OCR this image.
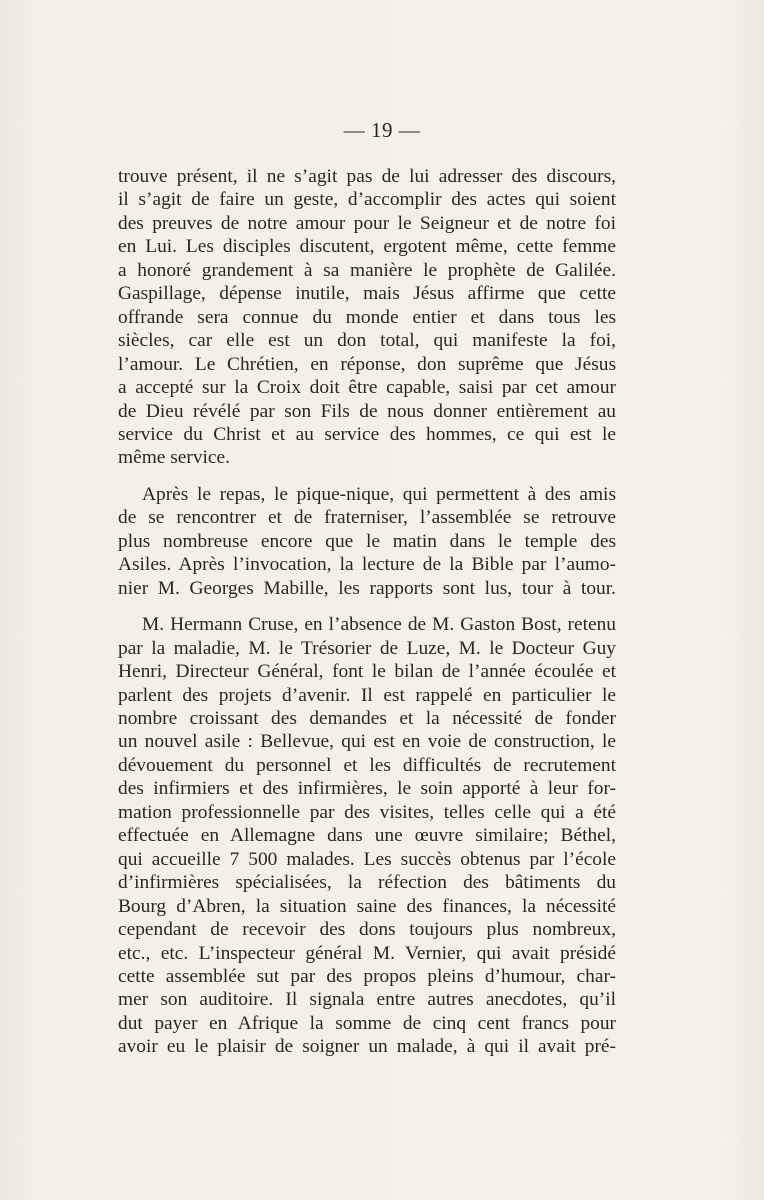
— 19 —
trouve présent, il ne s’agit pas de lui adresser des discours,
il s’agit de faire un geste, d’accomplir des actes qui soient
des preuves de notre amour pour le Seigneur et de notre foi
en Lui. Les disciples discutent, ergotent même, cette femme
a honoré grandement à sa manière le prophète de Galilée.
Gaspillage, dépense inutile, mais Jésus affirme que cette
offrande sera connue du monde entier et dans tous les
siècles, car elle est un don total, qui manifeste la foi,
l’amour. Le Chrétien, en réponse, don suprême que Jésus
a accepté sur la Croix doit être capable, saisi par cet amour
de Dieu révélé par son Fils de nous donner entièrement au
service du Christ et au service des hommes, ce qui est le
même service.
Après le repas, le pique-nique, qui permettent à des amis
de se rencontrer et de fraterniser, l’assemblée se retrouve
plus nombreuse encore que le matin dans le temple des
Asiles. Après l’invocation, la lecture de la Bible par l’aumo-
nier M. Georges Mabille, les rapports sont lus, tour à tour.
M. Hermann Cruse, en l’absence de M. Gaston Bost, retenu
par la maladie, M. le Trésorier de Luze, M. le Docteur Guy
Henri, Directeur Général, font le bilan de l’année écoulée et
parlent des projets d’avenir. Il est rappelé en particulier le
nombre croissant des demandes et la nécessité de fonder
un nouvel asile : Bellevue, qui est en voie de construction, le
dévouement du personnel et les difficultés de recrutement
des infirmiers et des infirmières, le soin apporté à leur for-
mation professionnelle par des visites, telles celle qui a été
effectuée en Allemagne dans une œuvre similaire; Béthel,
qui accueille 7 500 malades. Les succès obtenus par l’école
d’infirmières spécialisées, la réfection des bâtiments du
Bourg d’Abren, la situation saine des finances, la nécessité
cependant de recevoir des dons toujours plus nombreux,
etc., etc. L’inspecteur général M. Vernier, qui avait présidé
cette assemblée sut par des propos pleins d’humour, char-
mer son auditoire. Il signala entre autres anecdotes, qu’il
dut payer en Afrique la somme de cinq cent francs pour
avoir eu le plaisir de soigner un malade, à qui il avait pré-
